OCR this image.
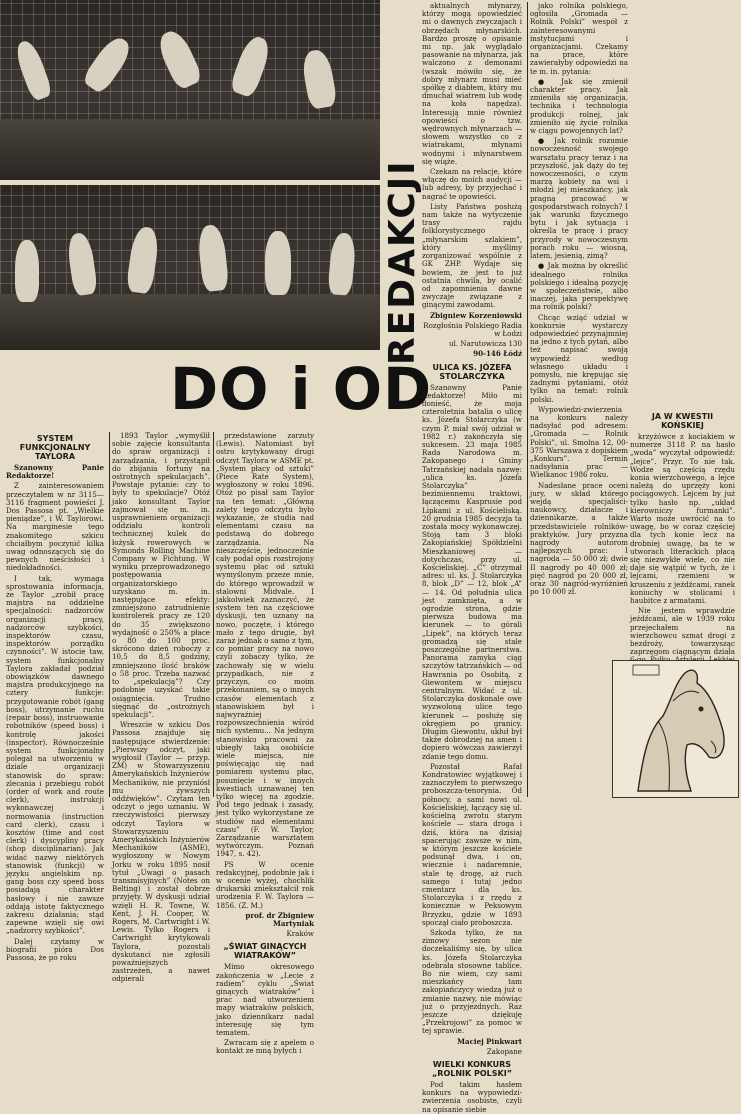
REDAKCJI
DO i OD
SYSTEM FUNKCJONALNY TAYLORA

Szanowny Panie Redaktorze!

Z zainteresowaniem przeczytałem w nr 3115—3116 fragment powieści J. Dos Passosa pt. „Wielkie pieniądze”, i W. Taylorowi. Na marginesie tego znakomitego szkicu chciałbym poczynić kilka uwag odnoszących się do pewnych nieścisłości i niedokładności.

I tak, wymaga sprostowania informacja, że Taylor „zrobił pracę majstra na oddzielne specjalności: nadzorców organizacji pracy, nadzorców szybkości, inspektorów czasu, inspektorów porządku czynności”. W istocie taw, system funkcjonalny Taylora zakładał podział obowiązków dawnego majstra produkcyjnego na cztery funkcje: przygotowanie robót (gang boss), utrzymanie ruchu (repair boss), instruowanie robotników (speed boss) i kontrolę jakości (inspector). Równocześnie system funkcjonalny polegał na utworzeniu w dziale organizacji stanowisk do spraw: zlecania i przebiegu robót (order of work and route clerk), instrukcji wykonawczej i normowania (instruction card clerk), czasu i kosztów (time and cost clerk) i dyscypliny pracy (shop disciplinarian). Jak widać nazwy niektórych stanowisk (funkcji) w języku angielskim np. gang boss czy speed boss posiadają charakter hasłowy i nie zawsze oddają istotę faktycznego zakresu działania; stąd zapewne wzięli się owi „nadzorcy szybkości”.

Dalej czytamy w biografii pióra Dos Passosa, że po roku

1893 Taylor „wymyślił sobie zajęcie konsultanta do spraw organizacji i zarządzania, i przystąpił do zbijania fortuny na ostrotnych spekulacjach”. Powstaje pytanie: czy to były to spekulacje? Otóż jako konsultant Taylor zajmował się m. in. usprawnieniem organizacji oddziału kontroli technicznej kulek do łożysk rowerowych w Symonds Rolling Machine Company w Fichtung. W wyniku przeprowadzonego postępowania organizatorskiego uzyskano m. in. następujące efekty: zmniejszono zatrudnienie kontrolerek pracy ze 120 do 35 zwiększono wydajność o 250% a płace o 80 do 100 proc. skrócono dzień roboczy z 10,5 do 8,5 godziny, zmniejszono ilość braków o 58 proc. Trzeba nazwać to „spekulacją”? Czy podobnie uzyskać takie osiągnięcia. Trudno sięgnąć do „ostrożnych spekulacji”.

Wreszcie w szkicu Dos Passosa znajduje się następujące stwierdzenie: „Pierwszy odczyt, jaki wygłosił (Taylor — przyp. ZM) w Stowarzyszeniu Amerykańskich Inżynierów Mechaników, nie przyniósł mu żywszych oddźwięków”. Czytam ten odczyt o jego uznaniu. W rzeczywistości pierwszy odczyt Taylora w Stowarzyszeniu Amerykańskich Inżynierów Mechaników (ASME), wygłoszony w Nowym Jorku w roku 1895 nosił tytuł „Uwagi o pasach transmisyjnych” (Notes on Belting) i został dobrze przyjęty. W dyskusji udział wzięli H. R. Towne, W. Kent, J. H. Cooper, W. Rogers, M. Cartwright i W. Lewis. Tylko Rogers i Cartwright krytykowali Taylora, pozostali dyskutanci nie zgłosili poważniejszych zastrzeżeń, a nawet odpierali

przedstawione zarzuty (Lewis). Natomiast był ostro krytykowany drugi odczyt Taylora w ASME pt. „System płacy od sztuki” (Piece Rate System), wygłoszony w roku 1896. Otóż po pisał sam Taylor na ten temat: „Główną zalety tego odczytu było wykazanie, że studia nad elementami czasu na podstawą do dobrego zarządzania. Na nieszczęście, jednocześnie cały podał opis rozstrojony systemu płac od sztuki wymyślonym przeze mnie, do którego wprowadził w stalowni Midvale. I jakkolwiek zaznaczyć, że system ten na częściowe dyskusji, ten uznany na nowo, poczęte, i którego mało z tego drugie, był zaraz jednak o samo z tym, co pomiar pracy na nowo czyli zobaczy tylko, że zachowały się w wielu przypadkach, nie z przyczyn, co moim przekonaniem, są o innych czasów elementach z stanowiskiem był i najwyraźniej rozpowszechnienia wśród nich systemu... Na jednym stanowisku pracowni za ubiegły taką osobiście wiele miejsca, nie poświęcając się nad pomiarem systemu płac, posunięcie i w innych kwestiach uznawanej ten tylko więcej na zgodzie. Pod tego jednak i zasady, jest tylko wykorzystane ze studiów nad elementami czasu” (F. W. Taylor, Zarządzanie warsztatem wytwórczym. Poznań 1947, s. 42).

PS W ocenie redakcyjnej, podobnie jak i w ocenie wyżej, chochlik drukarski zniekształcił rok urodzenia F. W. Taylora — 1856. (Z. M.)

prof. dr Zbigniew Martyniak

Kraków

„ŚWIAT GINĄCYCH WIATRAKÓW”

Mimo okresowego zakończenia w „Lecie z radiem” cyklu „Świat ginących wiatraków” i prac nad utworzeniem mapy wiatraków polskich, jako dziennikarz nadal interesuję się tym tematem.

Zwracam się z apelem o kontakt ze mną byłych i

aktualnych młynarzy, którzy mogą opowiedzieć mi o dawnych zwyczajach i obrzędach młynarskich. Bardzo proszę o opisanie mi np. jak wyglądało pasowanie na młynarza, jak walczono z demonami (wszak mówiło się, że dobry młynarz musi mieć spółkę z diabłem, który mu dmuchał wiatrem lub wodę na koła napędza). Interesują mnie również opowieści o tzw. wędrownych młynarzach — słowem wszystko co z wiatrakami, młynami wodnymi i młynarstwem się wiąże.

Czekam na relacje, które włączę do moich audycji — lub adresy, by przyjechać i nagrać te opowieści.

Listy Państwa posłużą nam także na wytyczenie trasy rajdu folklorystycznego „młynarskim szlakiem”, który myślimy zorganizować wspólnie z GK ZHP. Wydaje się bowiem, że jest to już ostatnia chwila, by ocalić od zapomnienia dawne zwyczaje związane z ginącymi zawodami.

Zbigniew Korzeniowski

Rozgłośnia Polskiego Radia w Łodzi

ul. Narutowicza 130

90-146 Łódź

ULICA KS. JÓZEFA STOLARCZYKA

Szanowny Panie Redaktorze! Miło mi donieść, że moja czteroletnia batalia o ulicę ks. Józefa Stolarczyka (w czym P. miał swój udział w 1982 r.) zakończyła się sukcesem. 23 maja 1985 Rada Narodowa m. Zakopanego i Gminy Tatrzańskiej nadała nazwę: „ulica ks. Józefa Stolarczyka” bezimiennemu traktowi, łączącemu Kasprusie pod Lipkami z ul. Kościeliską. 20 grudnia 1985 decyzja ta została mocy wykonawczej. Stoją tam 3 bloki Zakopiańskiej Spółdzielni Mieszkaniowej — dotychczas, przy ul. Kościeliskiej. „C” otrzymał adres: ul. ks. J. Stolarczyka 8, blok „D” — 12, blok „A” — 14. Od południa ulica jest zamknięta, a w ogrodzie strona, gdzie pierwsza budowa ma kierunek — to górali „Lipek”, na których teraz gromadzą się stale poszczególne partnerstwa. Panorama zamyka ciąg szczytów tatrzańskich — od Hawrania po Osobitą, z Giewontem w miejscu centralnym. Widać z ul. Stolarczyka doskonale owe wyzwoloną ulice tego kierunek — posłużę się okręgiem po granicy. Długim Giewontu, ukłuł był także dobrodziej na amen i dopiero wówczas zawierzył zdanie tego domu.

Pozostał Rafał Kondratowiec wyjątkowej i zaznaczyłem to pierwszego proboszcza-tenorynia. Od północy, a sami nowi ul. Kościeliskiej, łączący się ul. kościelną zwrotu starym kościele — stara droga i dziś, która na dzisiaj spacerując zawsze w nim, w którym jeszcze kościele podsunął dwa, i on, wiecznie i nadaremnie, stale tę drogę, aż ruch samego i tutaj jedno cmentarz dla ks. Stolarczyka i z rzędu z koniecznie w Peksowym Brzyzku, gdzie w 1893 spoczął ciało proboszcza.

Szkoda tylko, że na zimowy sezon nie doczekaliśmy się, by ulica ks. Józefa Stolarczyka odebrała stosowne tablice. Bo nie wiem, czy sami mieszkańcy tam zakopiańczycy wiedzą już o zmianie nazwy, nie mówiąc już o przyjezdnych. Raz jeszcze dziękuję „Przekrojowi” za pomoc w tej sprawie.

Maciej Pinkwart

Zakopane

WIELKI KONKURS „ROLNIK POLSKI”

Pod takim hasłem konkurs na wypowiedzi-zwierzenia osobiste, czyli na opisanie siebie

jako rolnika polskiego, ogłosiła „Gromada — Rolnik Polski” wespół z zainteresowanymi instytucjami i organizacjami. Czekamy na prace, które zawierałyby odpowiedzi na te m. in. pytania:

● Jak się zmienił charakter pracy. Jak zmieniła się organizacja, technika i technologia produkcji rolnej, jak zmieniło się życie rolnika w ciągu powojennych lat?

● Jak rolnik rozumie nowoczesność swojego warsztatu pracy teraz i na przyszłość, jak dąży do tej nowoczesności, o czym marzą kobiety na wsi i młodzi jej mieszkańcy, jak pragną pracować w gospodarstwach rolnych? I jak warunki fizycznego bytu i jak sytuacja i określa te pracę i pracy przyrody w nowoczesnym porach roku — wiosną, latem, jesienią, zimą?

● Jak można by określić idealnego rolnika polskiego i idealną pozycję w społeczeństwie, albo inaczej, jaka perspektywę ma rolnik polski?

Chcąc wziąć udział w konkursie wystarczy odpowiedzieć przynajmniej na jedno z tych pytań, albo też napisać swoją wypowiedź według własnego układu i pomysłu, nie krępując się żadnymi pytaniami, otóż tylko na temat: rolnik polski.

Wypowiedzi-zwierzenia na konkurs należy nadsyłać pod adresem: „Gromada — Rolnik Polski”, ul. Smolna 12, 00-375 Warszawa z dopiskiem „Konkurs”. Termin nadsyłania prac — Wielkanoc 1986 roku.

Nadesłane prace oceni jury, w skład którego wejdą specjaliści-naukowcy, działacze i dziennikarze, a także przedstawiciele rolników-praktyków. Jury przyzna nagrody autorom najlepszych prac: I nagroda — 50 000 zł; dwie II nagrody po 40 000 zł; pięć nagród po 20 000 zł, oraz 30 nagród-wyróżnień po 10 000 zł.

JA W KWESTII KOŃSKIEJ

krzyżówce z kociakiem w numerze 3118 P. na hasło „woda” wyczytał odpowiedź: „lejce”. Przyr. To nie tak. Wodze są częścią rzędu konia wierzchowego, a lejce należą do uprzęży koni pociągowych. Lejcem by już tylko hasło np. „układ kierowniczy furmanki”. Warto może uwrócić na to uwagę, bo w coraz częściej dla tych konie lecz na drobniej uwagę, ba te w utworach literackich płacą się niezwykłe wiele, co nie daje się wątpić w tych, że i lejcami, rzemieni w kruszeniu z jeźdźcami, ranek koniuchy w stolicami i haubitce z armatami.

Nie jestem wprawdzie jeźdźcami, ale w 1939 roku przejechałem na wierzchowcu szmat drogi z bezdroży, towarzysząc zaprzęgom ciągnącym działa
